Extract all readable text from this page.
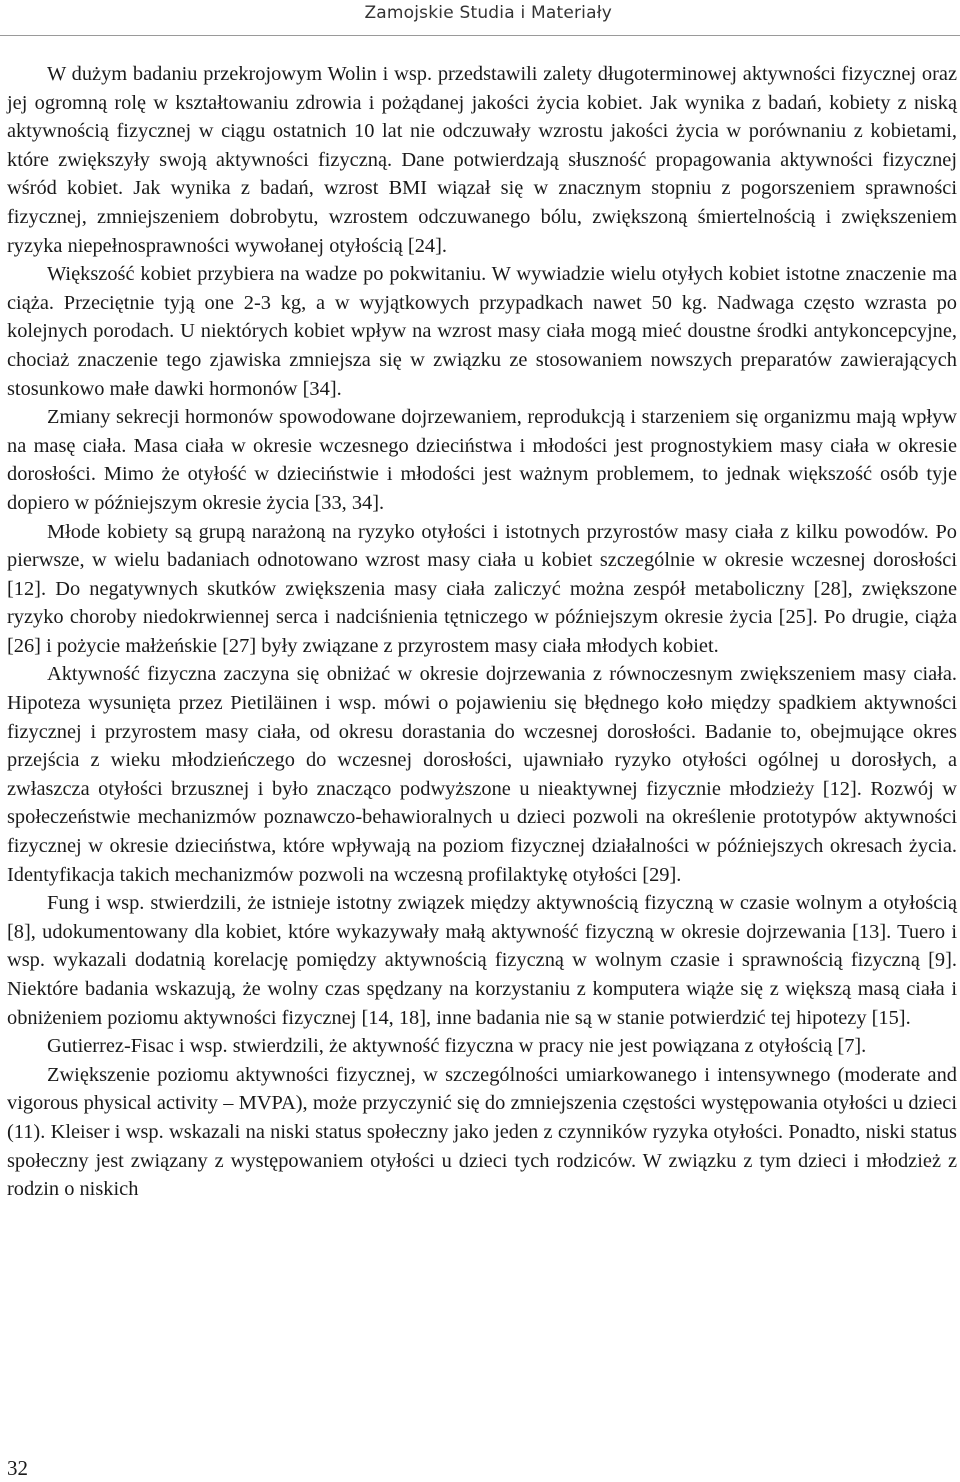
Zamojskie Studia i Materiały

W dużym badaniu przekrojowym Wolin i wsp. przedstawili zalety długoterminowej aktywności fizycznej oraz jej ogromną rolę w kształtowaniu zdrowia i pożądanej jakości życia kobiet. Jak wynika z badań, kobiety z niską aktywnością fizycznej w ciągu ostatnich 10 lat nie odczuwały wzrostu jakości życia w porównaniu z kobietami, które zwiększyły swoją aktywności fizyczną. Dane potwierdzają słuszność propagowania aktywności fizycznej wśród kobiet. Jak wynika z badań, wzrost BMI wiązał się w znacznym stopniu z pogorszeniem sprawności fizycznej, zmniejszeniem dobrobytu, wzrostem odczuwanego bólu, zwiększoną śmiertelnością i zwiększeniem ryzyka niepełnosprawności wywołanej otyłością [24].

Większość kobiet przybiera na wadze po pokwitaniu. W wywiadzie wielu otyłych kobiet istotne znaczenie ma ciąża. Przeciętnie tyją one 2-3 kg, a w wyjątkowych przypadkach nawet 50 kg. Nadwaga często wzrasta po kolejnych porodach. U niektórych kobiet wpływ na wzrost masy ciała mogą mieć doustne środki antykoncepcyjne, chociaż znaczenie tego zjawiska zmniejsza się w związku ze stosowaniem nowszych preparatów zawierających stosunkowo małe dawki hormonów [34].

Zmiany sekrecji hormonów spowodowane dojrzewaniem, reprodukcją i starzeniem się organizmu mają wpływ na masę ciała. Masa ciała w okresie wczesnego dzieciństwa i młodości jest prognostykiem masy ciała w okresie dorosłości. Mimo że otyłość w dzieciństwie i młodości jest ważnym problemem, to jednak większość osób tyje dopiero w późniejszym okresie życia [33, 34].

Młode kobiety są grupą narażoną na ryzyko otyłości i istotnych przyrostów masy ciała z kilku powodów. Po pierwsze, w wielu badaniach odnotowano wzrost masy ciała u kobiet szczególnie w okresie wczesnej dorosłości [12]. Do negatywnych skutków zwiększenia masy ciała zaliczyć można zespół metaboliczny [28], zwiększone ryzyko choroby niedokrwiennej serca i nadciśnienia tętniczego w późniejszym okresie życia [25]. Po drugie, ciąża [26] i pożycie małżeńskie [27] były związane z przyrostem masy ciała młodych kobiet.

Aktywność fizyczna zaczyna się obniżać w okresie dojrzewania z równoczesnym zwiększeniem masy ciała. Hipoteza wysunięta przez Pietiläinen i wsp. mówi o pojawieniu się błędnego koło między spadkiem aktywności fizycznej i przyrostem masy ciała, od okresu dorastania do wczesnej dorosłości. Badanie to, obejmujące okres przejścia z wieku młodzieńczego do wczesnej dorosłości, ujawniało ryzyko otyłości ogólnej u dorosłych, a zwłaszcza otyłości brzusznej i było znacząco podwyższone u nieaktywnej fizycznie młodzieży [12]. Rozwój w społeczeństwie mechanizmów poznawczo-behawioralnych u dzieci pozwoli na określenie prototypów aktywności fizycznej w okresie dzieciństwa, które wpływają na poziom fizycznej działalności w późniejszych okresach życia. Identyfikacja takich mechanizmów pozwoli na wczesną profilaktykę otyłości [29].

Fung i wsp. stwierdzili, że istnieje istotny związek między aktywnością fizyczną w czasie wolnym a otyłością [8], udokumentowany dla kobiet, które wykazywały małą aktywność fizyczną w okresie dojrzewania [13]. Tuero i wsp. wykazali dodatnią korelację pomiędzy aktywnością fizyczną w wolnym czasie i sprawnością fizyczną [9]. Niektóre badania wskazują, że wolny czas spędzany na korzystaniu z komputera wiąże się z większą masą ciała i obniżeniem poziomu aktywności fizycznej [14, 18], inne badania nie są w stanie potwierdzić tej hipotezy [15].

Gutierrez-Fisac i wsp. stwierdzili, że aktywność fizyczna w pracy nie jest powiązana z otyłością [7].

Zwiększenie poziomu aktywności fizycznej, w szczególności umiarkowanego i intensywnego (moderate and vigorous physical activity – MVPA), może przyczynić się do zmniejszenia częstości występowania otyłości u dzieci (11). Kleiser i wsp. wskazali na niski status społeczny jako jeden z czynników ryzyka otyłości. Ponadto, niski status społeczny jest związany z występowaniem otyłości u dzieci tych rodziców. W związku z tym dzieci i młodzież z rodzin o niskich

32
